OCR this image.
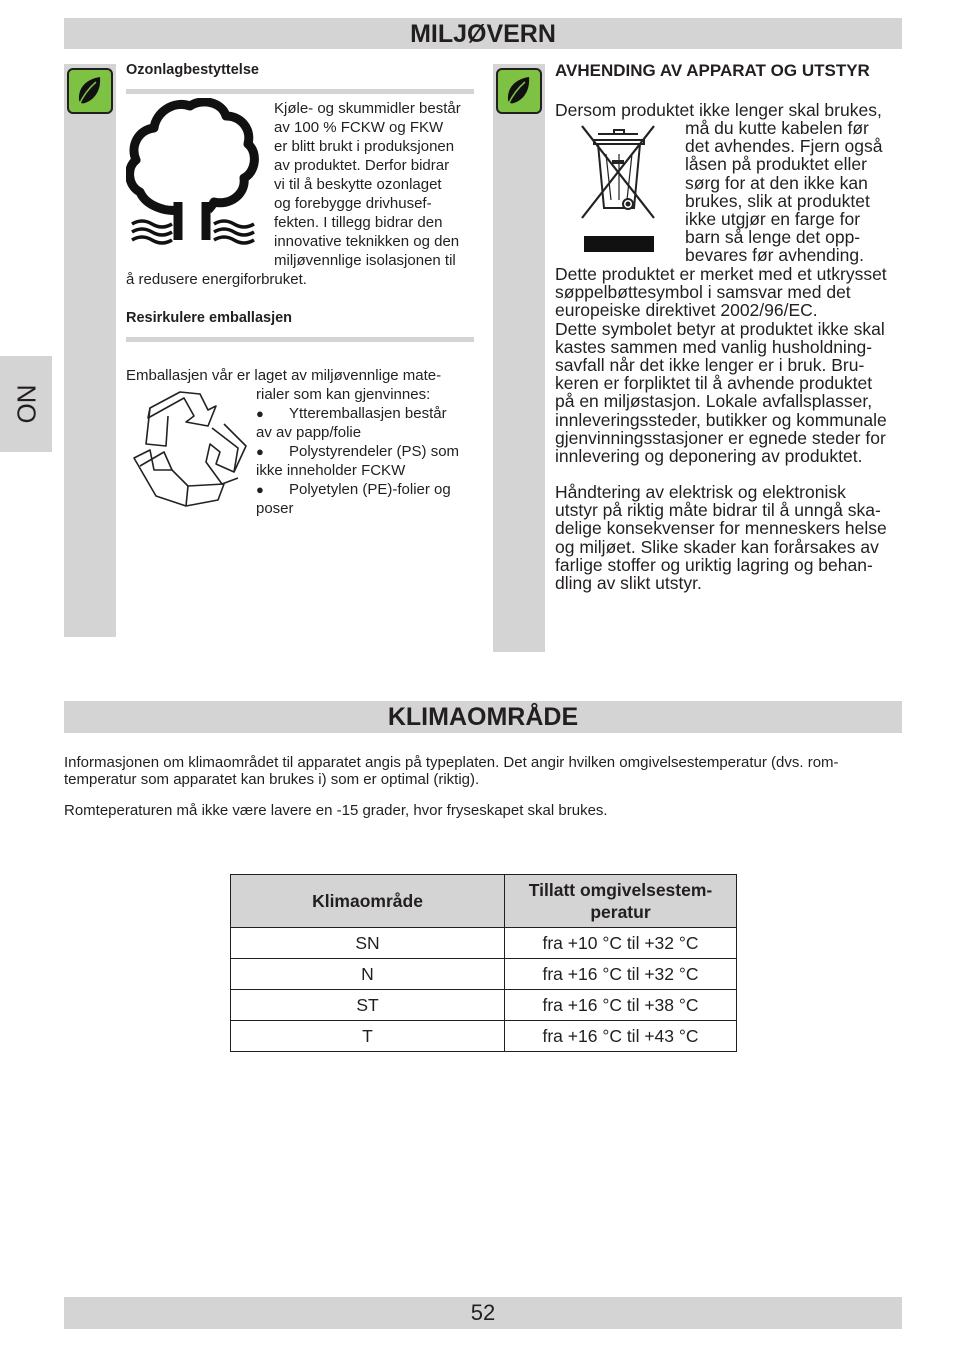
MILJØVERN
NO
Ozonlagbestyttelse

Kjøle- og skummidler består

av 100 % FCKW og FKW

er blitt brukt i produksjonen

av produktet. Derfor bidrar

vi til å beskytte ozonlaget

og forebygge drivhusef-

fekten. I tillegg bidrar den

innovative teknikken og den

miljøvennlige isolasjonen til

å redusere energiforbruket.

Resirkulere emballasjen

Emballasjen vår er laget av miljøvennlige mate-

rialer som kan gjenvinnes:

● Ytteremballasjen består

av av papp/folie

● Polystyrendeler (PS) som

ikke inneholder FCKW

● Polyetylen (PE)-folier og

poser

AVHENDING AV APPARAT OG UTSTYR

Dersom produktet ikke lenger skal brukes,

må du kutte kabelen før

det avhendes. Fjern også

låsen på produktet eller

sørg for at den ikke kan

brukes, slik at produktet

ikke utgjør en farge for

barn så lenge det opp-

bevares før avhending.

Dette produktet er merket med et utkrysset

søppelbøttesymbol i samsvar med det

europeiske direktivet 2002/96/EC.

Dette symbolet betyr at produktet ikke skal

kastes sammen med vanlig husholdning-

savfall når det ikke lenger er i bruk. Bru-

keren er forpliktet til å avhende produktet

på en miljøstasjon. Lokale avfallsplasser,

innleveringssteder, butikker og kommunale

gjenvinningsstasjoner er egnede steder for

innlevering og deponering av produktet.

Håndtering av elektrisk og elektronisk

utstyr på riktig måte bidrar til å unngå ska-

delige konsekvenser for menneskers helse

og miljøet. Slike skader kan forårsakes av

farlige stoffer og uriktig lagring og behan-

dling av slikt utstyr.

KLIMAOMRÅDE

Informasjonen om klimaområdet til apparatet angis på typeplaten. Det angir hvilken omgivelsestemperatur (dvs. rom-

temperatur som apparatet kan brukes i) som er optimal (riktig).

Romteperaturen må ikke være lavere en -15 grader, hvor fryseskapet skal brukes.
Klimaområde	Tillatt omgivelsestem-
peratur

SN	fra +10 °C til +32 °C
N	fra +16 °C til +32 °C
ST	fra +16 °C til +38 °C
T	fra +16 °C til +43 °C
52
